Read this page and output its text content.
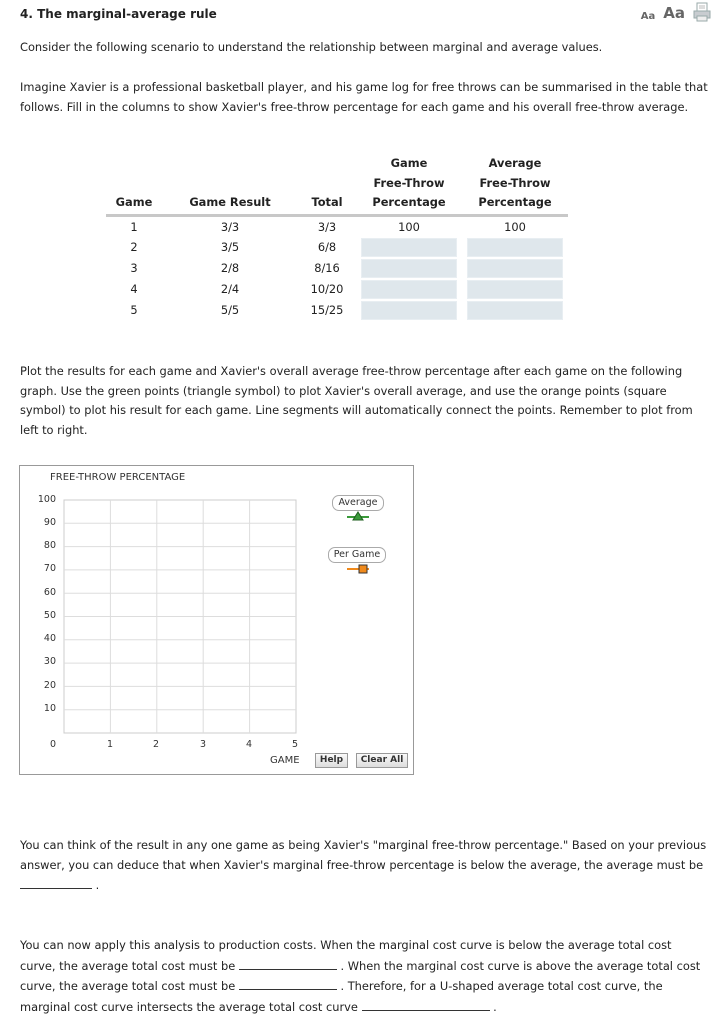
4. The marginal-average rule	Aa Aa
Consider the following scenario to understand the relationship between marginal and average values.
Imagine Xavier is a professional basketball player, and his game log for free throws can be summarised in the table that follows. Fill in the columns to show Xavier's free-throw percentage for each game and his overall free-throw average.
			Game	Average
			Free-Throw	Free-Throw
Game	Game Result	Total	Percentage	Percentage
1	3/3	3/3	100	100
2	3/5	6/8	

3	2/8	8/16	

4	2/4	10/20	

5	5/5	15/25	

Plot the results for each game and Xavier's overall average free-throw percentage after each game on the following graph. Use the green points (triangle symbol) to plot Xavier's overall average, and use the orange points (square symbol) to plot his result for each game. Line segments will automatically connect the points. Remember to plot from left to right.
FREE-THROW PERCENTAGE
100
90
80
70
60
50
40
30
20
10
0	1	2	3	4	5
GAME
Average
Per Game
Help	Clear All
You can think of the result in any one game as being Xavier's "marginal free-throw percentage." Based on your previous answer, you can deduce that when Xavier's marginal free-throw percentage is below the average, the average must be  .
You can now apply this analysis to production costs. When the marginal cost curve is below the average total cost curve, the average total cost must be	. When the marginal cost curve is above the average total cost curve, the average total cost must be	. Therefore, for a U-shaped average total cost curve, the marginal cost curve intersects the average total cost curve	.
